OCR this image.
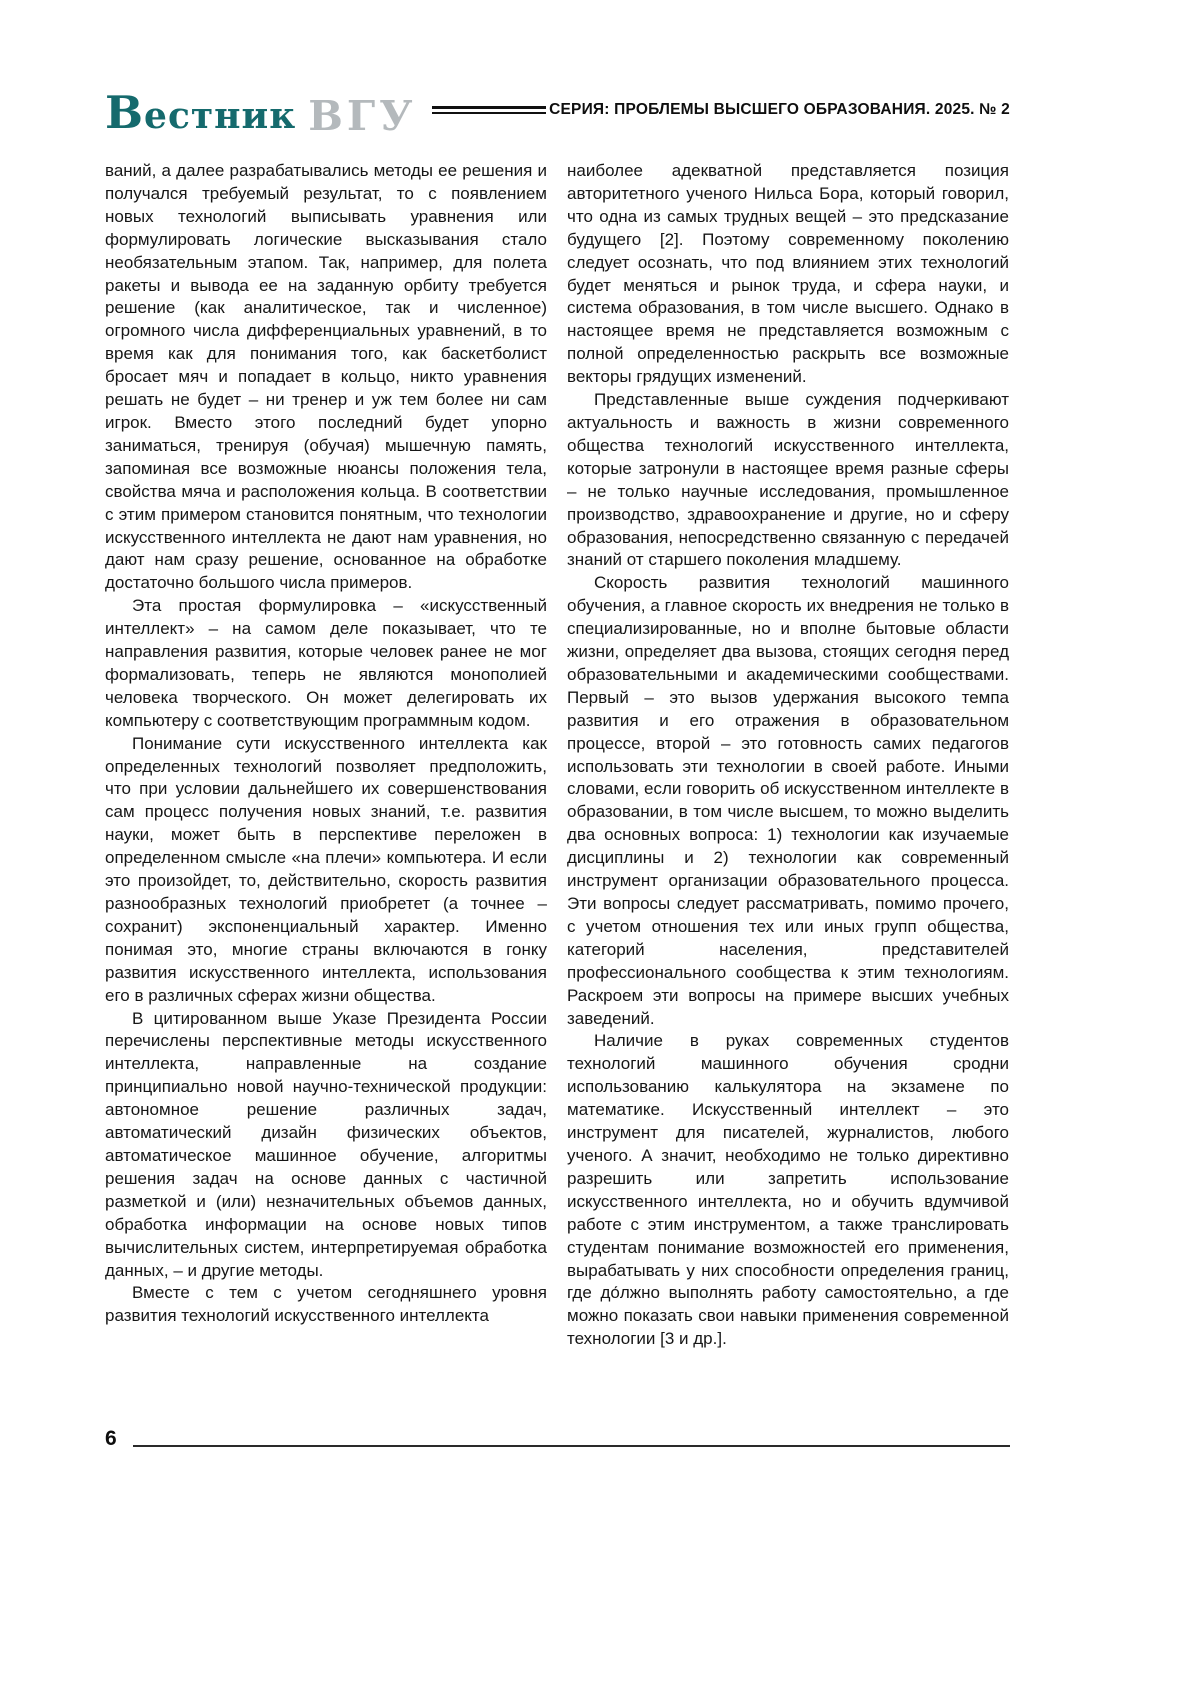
Вестник ВГУ	СЕРИЯ: ПРОБЛЕМЫ ВЫСШЕГО ОБРАЗОВАНИЯ. 2025. № 2

ваний, а далее разрабатывались методы ее решения и получался требуемый результат, то с появлением новых технологий выписывать уравнения или формулировать логические высказывания стало необязательным этапом. Так, например, для полета ракеты и вывода ее на заданную орбиту требуется решение (как аналитическое, так и численное) огромного числа дифференциальных уравнений, в то время как для понимания того, как баскетболист бросает мяч и попадает в кольцо, никто уравнения решать не будет – ни тренер и уж тем более ни сам игрок. Вместо этого последний будет упорно заниматься, тренируя (обучая) мышечную память, запоминая все возможные нюансы положения тела, свойства мяча и расположения кольца. В соответствии с этим примером становится понятным, что технологии искусственного интеллекта не дают нам уравнения, но дают нам сразу решение, основанное на обработке достаточно большого числа примеров.

Эта простая формулировка – «искусственный интеллект» – на самом деле показывает, что те направления развития, которые человек ранее не мог формализовать, теперь не являются монополией человека творческого. Он может делегировать их компьютеру с соответствующим программным кодом.

Понимание сути искусственного интеллекта как определенных технологий позволяет предположить, что при условии дальнейшего их совершенствования сам процесс получения новых знаний, т.е. развития науки, может быть в перспективе переложен в определенном смысле «на плечи» компьютера. И если это произойдет, то, действительно, скорость развития разнообразных технологий приобретет (а точнее – сохранит) экспоненциальный характер. Именно понимая это, многие страны включаются в гонку развития искусственного интеллекта, использования его в различных сферах жизни общества.

В цитированном выше Указе Президента России перечислены перспективные методы искусственного интеллекта, направленные на создание принципиально новой научно-технической продукции: автономное решение различных задач, автоматический дизайн физических объектов, автоматическое машинное обучение, алгоритмы решения задач на основе данных с частичной разметкой и (или) незначительных объемов данных, обработка информации на основе новых типов вычислительных систем, интерпретируемая обработка данных, – и другие методы.

Вместе с тем с учетом сегодняшнего уровня развития технологий искусственного интеллекта

наиболее адекватной представляется позиция авторитетного ученого Нильса Бора, который говорил, что одна из самых трудных вещей – это предсказание будущего [2]. Поэтому современному поколению следует осознать, что под влиянием этих технологий будет меняться и рынок труда, и сфера науки, и система образования, в том числе высшего. Однако в настоящее время не представляется возможным с полной определенностью раскрыть все возможные векторы грядущих изменений.

Представленные выше суждения подчеркивают актуальность и важность в жизни современного общества технологий искусственного интеллекта, которые затронули в настоящее время разные сферы – не только научные исследования, промышленное производство, здравоохранение и другие, но и сферу образования, непосредственно связанную с передачей знаний от старшего поколения младшему.

Скорость развития технологий машинного обучения, а главное скорость их внедрения не только в специализированные, но и вполне бытовые области жизни, определяет два вызова, стоящих сегодня перед образовательными и академическими сообществами. Первый – это вызов удержания высокого темпа развития и его отражения в образовательном процессе, второй – это готовность самих педагогов использовать эти технологии в своей работе. Иными словами, если говорить об искусственном интеллекте в образовании, в том числе высшем, то можно выделить два основных вопроса: 1) технологии как изучаемые дисциплины и 2) технологии как современный инструмент организации образовательного процесса. Эти вопросы следует рассматривать, помимо прочего, с учетом отношения тех или иных групп общества, категорий населения, представителей профессионального сообщества к этим технологиям. Раскроем эти вопросы на примере высших учебных заведений.

Наличие в руках современных студентов технологий машинного обучения сродни использованию калькулятора на экзамене по математике. Искусственный интеллект – это инструмент для писателей, журналистов, любого ученого. А значит, необходимо не только директивно разрешить или запретить использование искусственного интеллекта, но и обучить вдумчивой работе с этим инструментом, а также транслировать студентам понимание возможностей его применения, вырабатывать у них способности определения границ, где до́лжно выполнять работу самостоятельно, а где можно показать свои навыки применения современной технологии [3 и др.].

6
